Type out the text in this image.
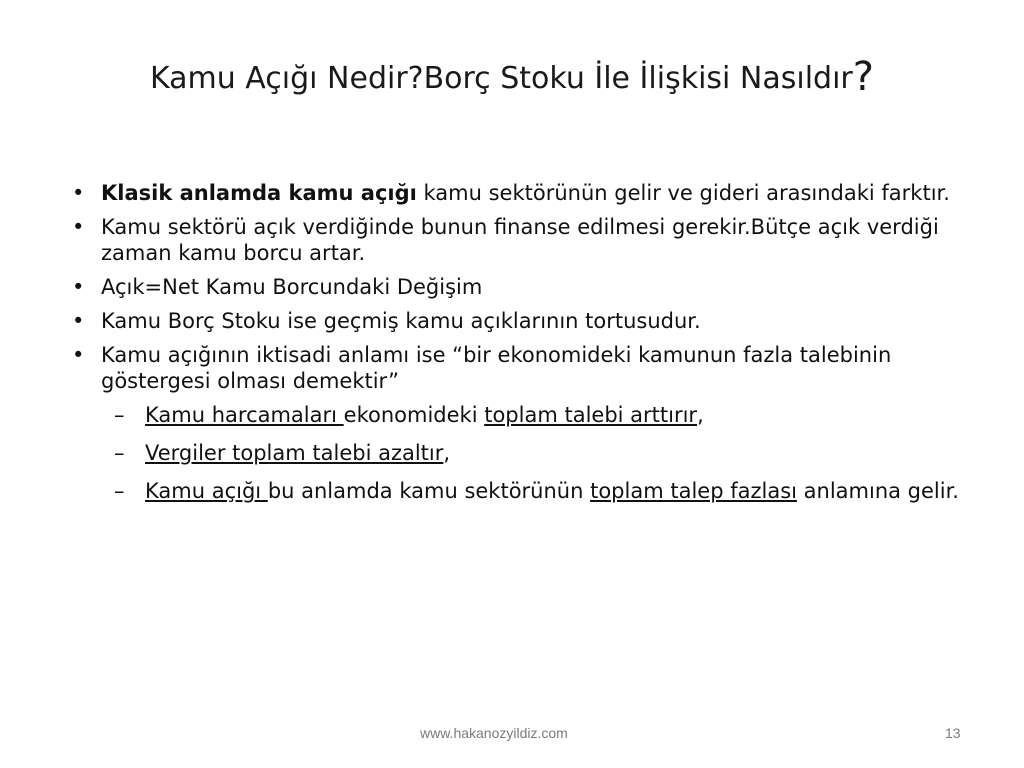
Kamu Açığı Nedir?Borç Stoku İle İlişkisi Nasıldır?
• Klasik anlamda kamu açığı kamu sektörünün gelir ve gideri arasındaki farktır.
• Kamu sektörü açık verdiğinde bunun finanse edilmesi gerekir.Bütçe açık verdiği zaman kamu borcu artar.
• Açık=Net Kamu Borcundaki Değişim
• Kamu Borç Stoku ise geçmiş kamu açıklarının tortusudur.
• Kamu açığının iktisadi anlamı ise “bir ekonomideki kamunun fazla talebinin göstergesi olması demektir”
– Kamu harcamaları ekonomideki toplam talebi arttırır,
– Vergiler toplam talebi azaltır,
– Kamu açığı bu anlamda kamu sektörünün toplam talep fazlası anlamına gelir.
www.hakanozyildiz.com	13
